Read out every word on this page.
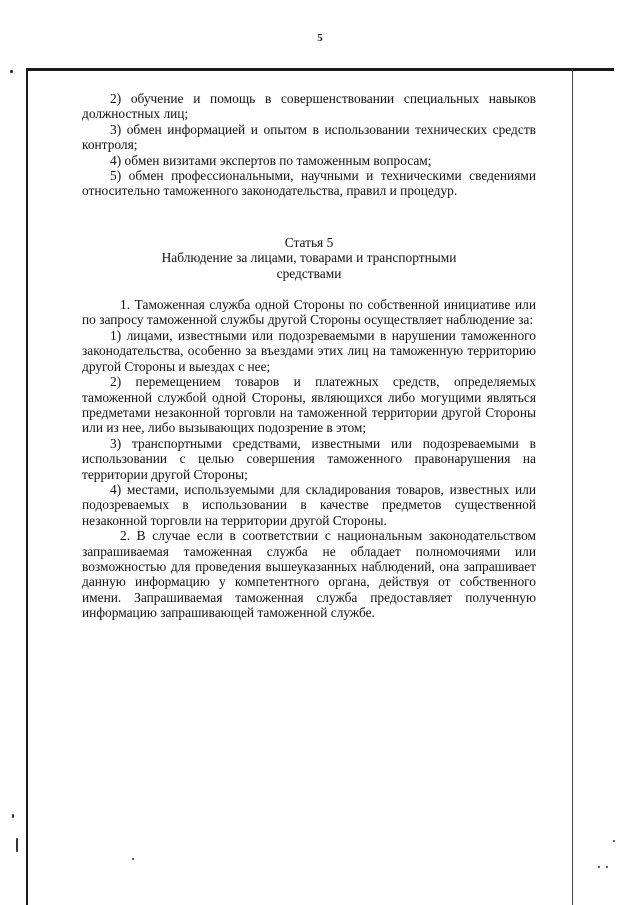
5

2) обучение и помощь в совершенствовании специальных навыков должностных лиц;

3) обмен информацией и опытом в использовании технических средств контроля;

4) обмен визитами экспертов по таможенным вопросам;

5) обмен профессиональными, научными и техническими сведениями относительно таможенного законодательства, правил и процедур.

Статья 5

Наблюдение за лицами, товарами и транспортными

средствами

1. Таможенная служба одной Стороны по собственной инициативе или по запросу таможенной службы другой Стороны осуществляет наблюдение за:

1) лицами, известными или подозреваемыми в нарушении таможенного законодательства, особенно за въездами этих лиц на таможенную территорию другой Стороны и выездах с нее;

2) перемещением товаров и платежных средств, определяемых таможенной службой одной Стороны, являющихся либо могущими являться предметами незаконной торговли на таможенной территории другой Стороны или из нее, либо вызывающих подозрение в этом;

3) транспортными средствами, известными или подозреваемыми в использовании с целью совершения таможенного правонарушения на территории другой Стороны;

4) местами, используемыми для складирования товаров, известных или подозреваемых в использовании в качестве предметов существенной незаконной торговли на территории другой Стороны.

2. В случае если в соответствии с национальным законодательством запрашиваемая таможенная служба не обладает полномочиями или возможностью для проведения вышеуказанных наблюдений, она запрашивает данную информацию у компетентного органа, действуя от собственного имени. Запрашиваемая таможенная служба предоставляет полученную информацию запрашивающей таможенной службе.
